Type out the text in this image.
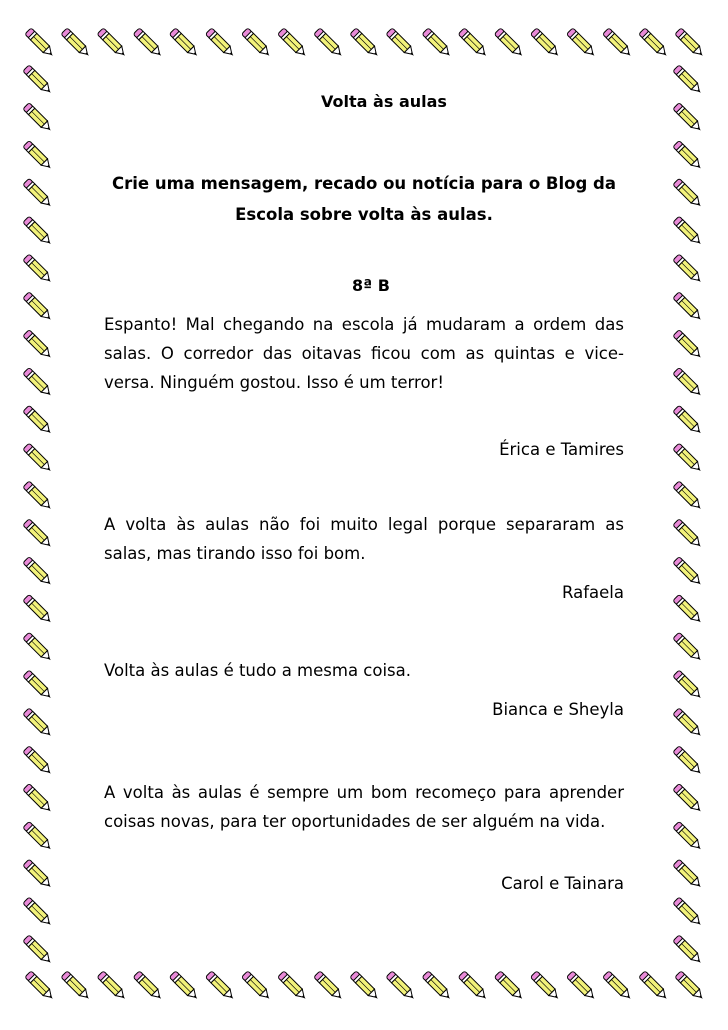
Volta às aulas

Crie uma mensagem, recado ou notícia para o Blog da Escola sobre volta às aulas.

8ª B

Espanto! Mal chegando na escola já mudaram a ordem das salas. O corredor das oitavas ficou com as quintas e vice-versa. Ninguém gostou. Isso é um terror!

Érica e Tamires

A volta às aulas não foi muito legal porque separaram as salas, mas tirando isso foi bom.

Rafaela

Volta às aulas é tudo a mesma coisa.

Bianca e Sheyla

A volta às aulas é sempre um bom recomeço para aprender coisas novas, para ter oportunidades de ser alguém na vida.

Carol e Tainara
